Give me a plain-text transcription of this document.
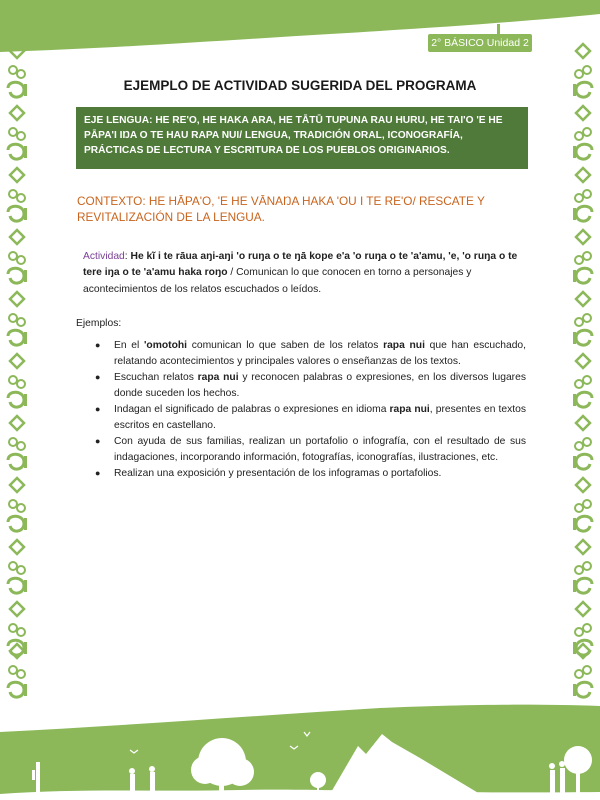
2° BÁSICO Unidad 2
EJEMPLO DE ACTIVIDAD SUGERIDA DEL PROGRAMA
EJE LENGUA: HE RE'O, HE HAKA ARA, HE TĀTŪ TUPUNA RAU HURU, HE TAI'O 'E HE PĀPA'I IŊA O TE HAU RAPA NUI/ LENGUA, TRADICIÓN ORAL, ICONOGRAFÍA, PRÁCTICAS DE LECTURA Y ESCRITURA DE LOS PUEBLOS ORIGINARIOS.
CONTEXTO: HE HĀPA'O, 'E HE VĀNAŊA HAKA 'OU I TE RE'O/ RESCATE Y REVITALIZACIÓN DE LA LENGUA.
Actividad: He kĩ i te rāua aŋi-aŋi 'o ruŋa o te ŋā kope e'a 'o ruŋa o te 'a'amu, 'e, 'o ruŋa o te tere iŋa o te 'a'amu haka roŋo / Comunican lo que conocen en torno a personajes y acontecimientos de los relatos escuchados o leídos.
Ejemplos:
● En el 'omotohi comunican lo que saben de los relatos rapa nui que han escuchado, relatando acontecimientos y principales valores o enseñanzas de los textos.
● Escuchan relatos rapa nui y reconocen palabras o expresiones, en los diversos lugares donde suceden los hechos.
● Indagan el significado de palabras o expresiones en idioma rapa nui, presentes en textos escritos en castellano.
● Con ayuda de sus familias, realizan un portafolio o infografía, con el resultado de sus indagaciones, incorporando información, fotografías, iconografías, ilustraciones, etc.
● Realizan una exposición y presentación de los infogramas o portafolios.
